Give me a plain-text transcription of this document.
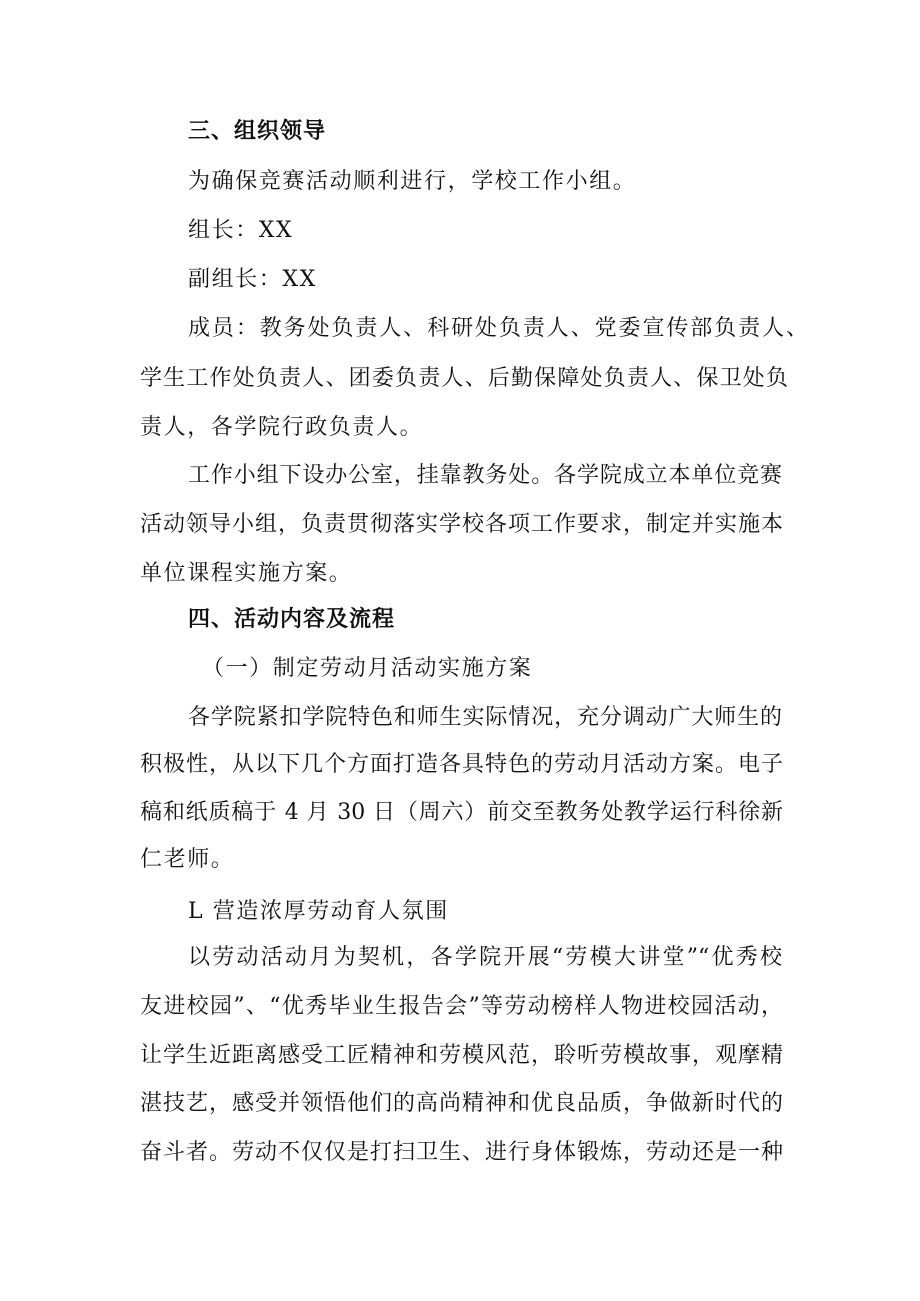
三、组织领导
为确保竞赛活动顺利进行，学校工作小组。
组长：XX
副组长：XX
成员：教务处负责人、科研处负责人、党委宣传部负责人、
学生工作处负责人、团委负责人、后勤保障处负责人、保卫处负
责人，各学院行政负责人。
工作小组下设办公室，挂靠教务处。各学院成立本单位竞赛
活动领导小组，负责贯彻落实学校各项工作要求，制定并实施本
单位课程实施方案。
四、活动内容及流程
（一）制定劳动月活动实施方案
各学院紧扣学院特色和师生实际情况，充分调动广大师生的
积极性，从以下几个方面打造各具特色的劳动月活动方案。电子
稿和纸质稿于 4 月 30 日（周六）前交至教务处教学运行科徐新
仁老师。
L 营造浓厚劳动育人氛围
以劳动活动月为契机，各学院开展“劳模大讲堂”“优秀校
友进校园”、“优秀毕业生报告会”等劳动榜样人物进校园活动，
让学生近距离感受工匠精神和劳模风范，聆听劳模故事，观摩精
湛技艺，感受并领悟他们的高尚精神和优良品质，争做新时代的
奋斗者。劳动不仅仅是打扫卫生、进行身体锻炼，劳动还是一种
